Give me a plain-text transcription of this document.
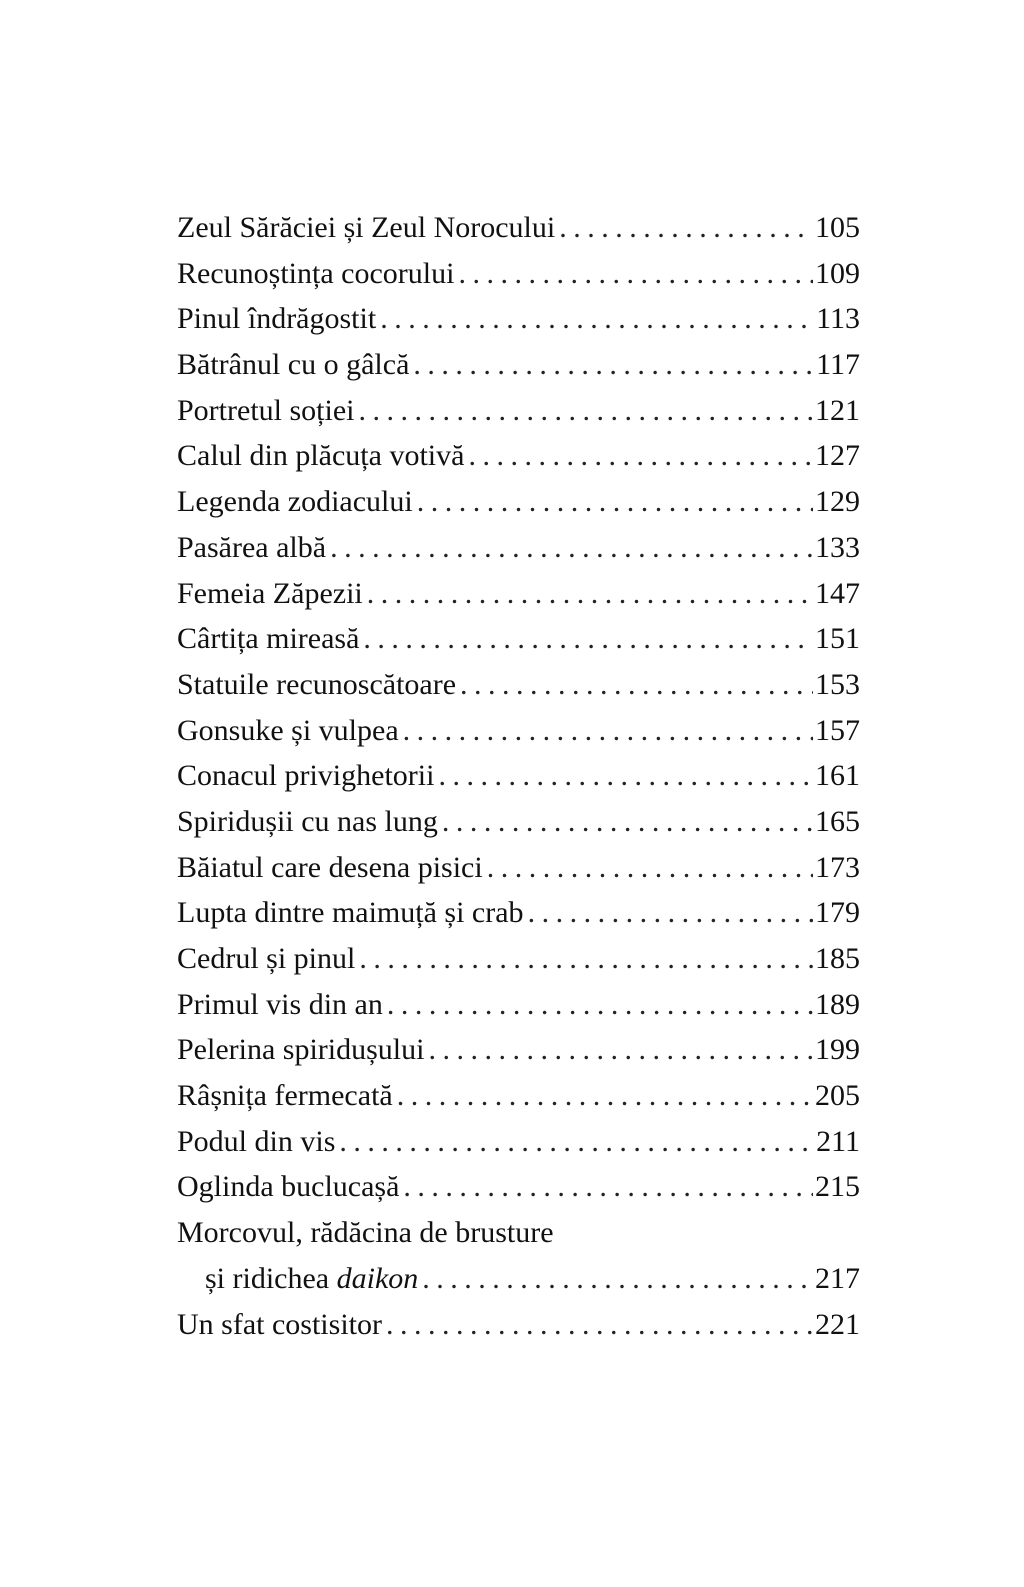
Zeul Sărăciei și Zeul Norocului . . .	105
Recunoștința cocorului . . .	109
Pinul îndrăgostit . . .	113
Bătrânul cu o gâlcă . . .	117
Portretul soției . . .	121
Calul din plăcuța votivă . . .	127
Legenda zodiacului . . .	129
Pasărea albă . . .	133
Femeia Zăpezii . . .	147
Cârtița mireasă . . .	151
Statuile recunoscătoare . . .	153
Gonsuke și vulpea . . .	157
Conacul privighetorii . . .	161
Spiridușii cu nas lung . . .	165
Băiatul care desena pisici . . .	173
Lupta dintre maimuță și crab . . .	179
Cedrul și pinul . . .	185
Primul vis din an . . .	189
Pelerina spiridușului . . .	199
Râșnița fermecată . . .	205
Podul din vis . . .	211
Oglinda buclucașă . . .	215
Morcovul, rădăcina de brusture
și ridichea daikon . . .	217
Un sfat costisitor . . .	221
